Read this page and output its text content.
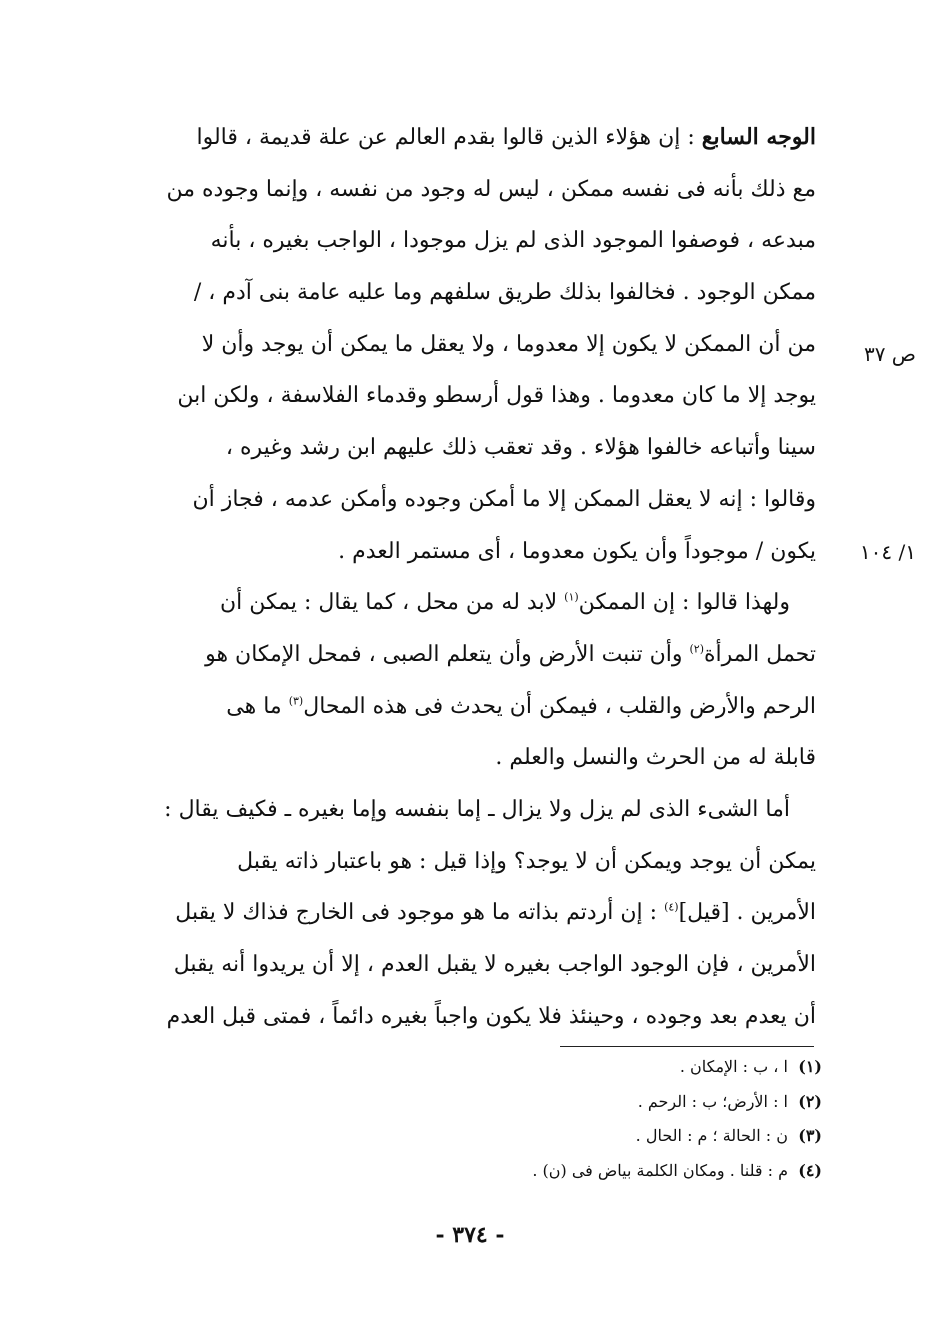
الوجه السابع : إن هؤلاء الذين قالوا بقدم العالم عن علة قديمة ، قالوا
مع ذلك بأنه فى نفسه ممكن ، ليس له وجود من نفسه ، وإنما وجوده من
مبدعه ، فوصفوا الموجود الذى لم يزل موجودا ، الواجب بغيره ، بأنه
ممكن الوجود . فخالفوا بذلك طريق سلفهم وما عليه عامة بنى آدم ، /
من أن الممكن لا يكون إلا معدوما ، ولا يعقل ما يمكن أن يوجد وأن لا
يوجد إلا ما كان معدوما . وهذا قول أرسطو وقدماء الفلاسفة ، ولكن ابن
سينا وأتباعه خالفوا هؤلاء . وقد تعقب ذلك عليهم ابن رشد وغيره ،
وقالوا : إنه لا يعقل الممكن إلا ما أمكن وجوده وأمكن عدمه ، فجاز أن
يكون / موجوداً وأن يكون معدوما ، أى مستمر العدم .
ولهذا قالوا : إن الممكن$^{(١)}$ لابد له من محل ، كما يقال : يمكن أن
تحمل المرأة$^{(٢)}$ وأن تنبت الأرض وأن يتعلم الصبى ، فمحل الإمكان هو
الرحم والأرض والقلب ، فيمكن أن يحدث فى هذه المحال$^{(٣)}$ ما هى
قابلة له من الحرث والنسل والعلم .
أما الشىء الذى لم يزل ولا يزال ـ إما بنفسه وإما بغيره ـ فكيف يقال :
يمكن أن يوجد ويمكن أن لا يوجد؟ وإذا قيل : هو باعتبار ذاته يقبل
الأمرين . [قيل]$^{(٤)}$ : إن أردتم بذاته ما هو موجود فى الخارج فذاك لا يقبل
الأمرين ، فإن الوجود الواجب بغيره لا يقبل العدم ، إلا أن يريدوا أنه يقبل
أن يعدم بعد وجوده ، وحينئذ فلا يكون واجباً بغيره دائماً ، فمتى قبل العدم
ص ٣٧
١/ ١٠٤
(١)ا ، ب : الإمكان .
(٢)ا : الأرض؛ ب : الرحم .
(٣)ن : الحالة ؛ م : الحال .
(٤)م : قلنا . ومكان الكلمة بياض فى (ن) .
- ٣٧٤ -
